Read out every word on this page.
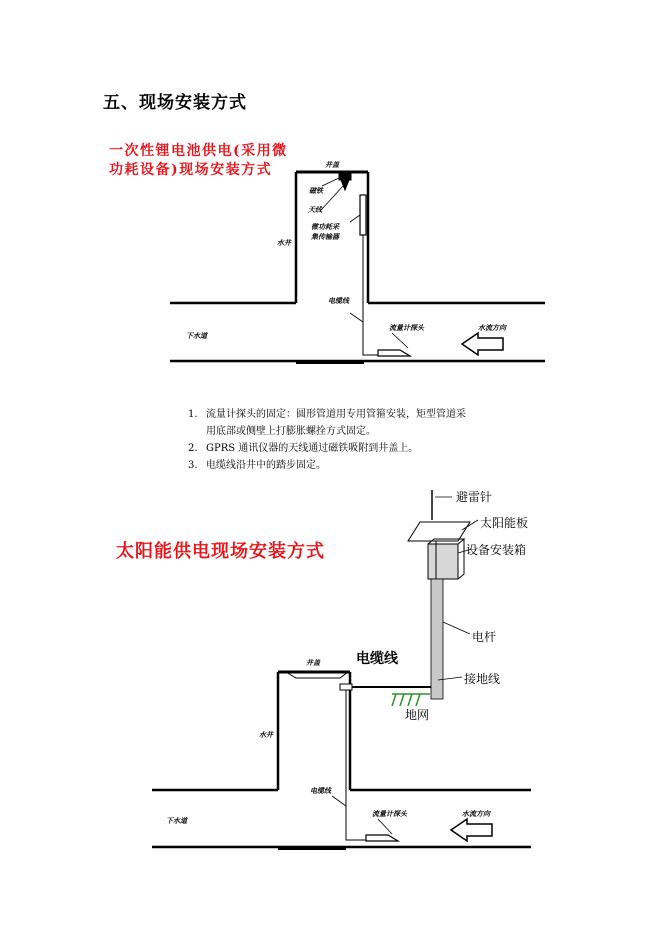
五、现场安装方式
一次性锂电池供电(采用微
功耗设备)现场安装方式	井盖
磁铁
天线
微功耗采
集传输器
水井
电缆线
下水道
流量计探头	水流方向
1. 流量计探头的固定：圆形管道用专用管箍安装，矩型管道采
用底部或侧壁上打膨胀螺拴方式固定。
2. GPRS 通讯仪器的天线通过磁铁吸附到井盖上。
3. 电缆线沿井中的踏步固定。
太阳能供电现场安装方式
避雷针
太阳能板
设备安装箱
电杆
电缆线
接地线
地网
井盖
水井
电缆线
下水道
流量计探头	水流方向
